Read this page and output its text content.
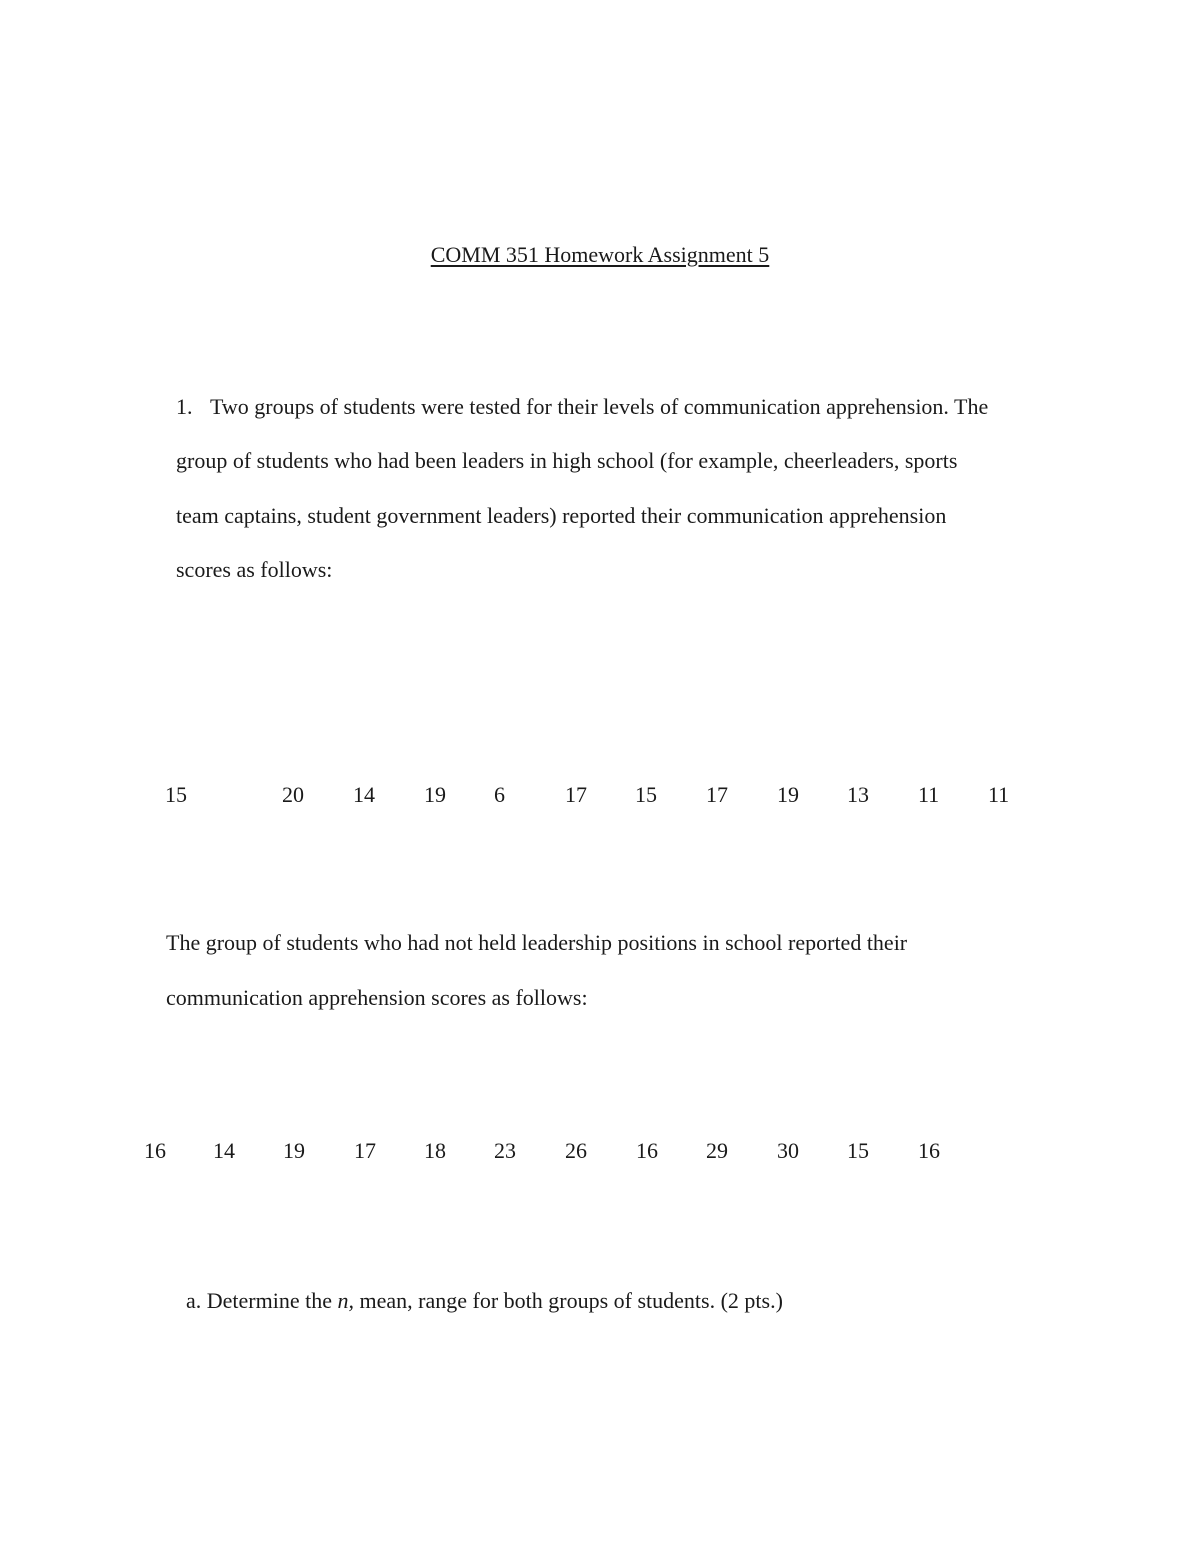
COMM 351 Homework Assignment 5
1. Two groups of students were tested for their levels of communication apprehension. The
group of students who had been leaders in high school (for example, cheerleaders, sports
team captains, student government leaders) reported their communication apprehension
scores as follows:
15	20 14 19 6	17 15 17 19 13 11 11
The group of students who had not held leadership positions in school reported their
communication apprehension scores as follows:
16 14 19 17 18 23 26 16 29 30 15 16
a. Determine the n, mean, range for both groups of students. (2 pts.)
